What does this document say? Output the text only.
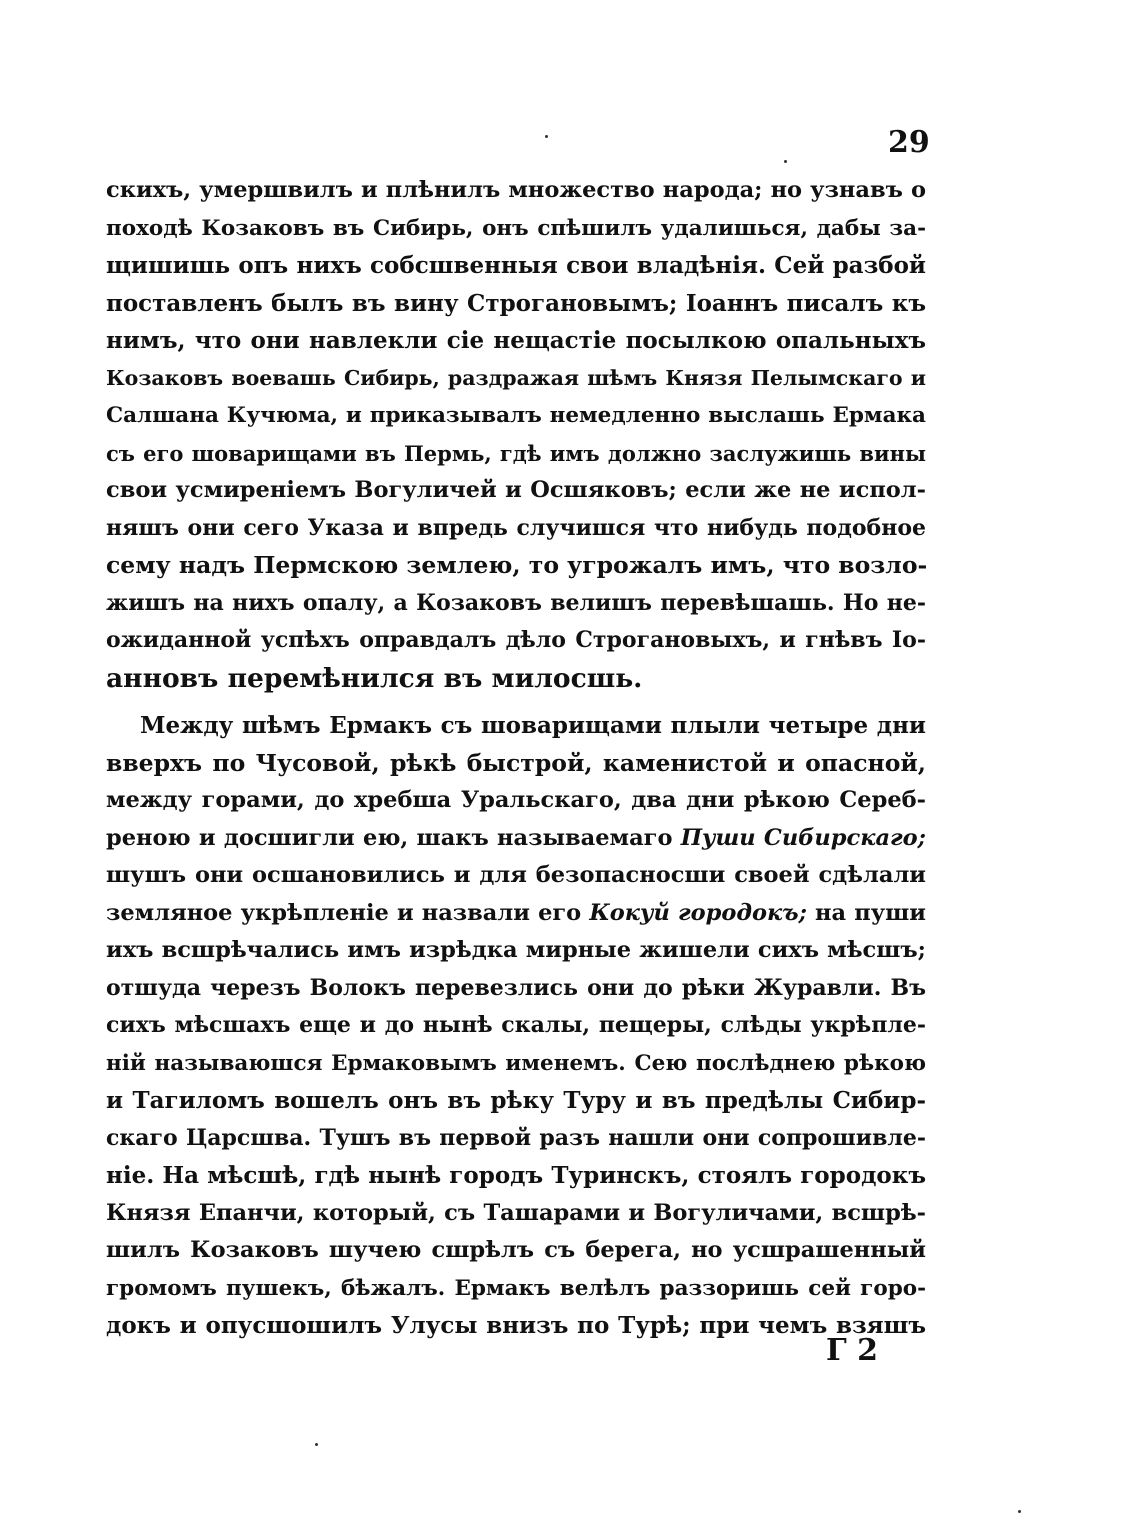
29
скихъ, умершвилъ и плѣнилъ множество народа; но узнавъ о
походѣ Козаковъ въ Сибирь, онъ спѣшилъ удалишься, дабы за-
щишишь опъ нихъ собсшвенныя свои владѣнія. Сей разбой
поставленъ былъ въ вину Строгановымъ; Іоаннъ писалъ къ
нимъ, что они навлекли сіе нещастіе посылкою опальныхъ
Козаковъ воевашь Сибирь, раздражая шѣмъ Князя Пелымскаго и
Салшана Кучюма, и приказывалъ немедленно выслашь Ермака
съ его шоварищами въ Пермь, гдѣ имъ должно заслужишь вины
свои усмиреніемъ Вогуличей и Осшяковъ; если же не испол-
няшъ они сего Указа и впредь случишся что нибудь подобное
сему надъ Пермскою землею, то угрожалъ имъ, что возло-
жишъ на нихъ опалу, а Козаковъ велишъ перевѣшашь. Но не-
ожиданной успѣхъ оправдалъ дѣло Строгановыхъ, и гнѣвъ Іо-
анновъ перемѣнился въ милосшь.
Между шѣмъ Ермакъ съ шоварищами плыли четыре дни
вверхъ по Чусовой, рѣкѣ быстрой, каменистой и опасной,
между горами, до хребша Уральскаго, два дни рѣкою Сереб-
реною и досшигли ею, шакъ называемаго Пуши Сибирскаго;
шушъ они осшановились и для безопасносши своей сдѣлали
земляное укрѣпленіе и назвали его Кокуй городокъ; на пуши
ихъ всшрѣчались имъ изрѣдка мирные жишели сихъ мѣсшъ;
отшуда черезъ Волокъ перевезлись они до рѣки Журавли. Въ
сихъ мѣсшахъ еще и до нынѣ скалы, пещеры, слѣды укрѣпле-
ній называюшся Ермаковымъ именемъ. Сею послѣднею рѣкою
и Тагиломъ вошелъ онъ въ рѣку Туру и въ предѣлы Сибир-
скаго Царсшва. Тушъ въ первой разъ нашли они сопрошивле-
ніе. На мѣсшѣ, гдѣ нынѣ городъ Туринскъ, стоялъ городокъ
Князя Епанчи, который, съ Ташарами и Вогуличами, всшрѣ-
шилъ Козаковъ шучею сшрѣлъ съ берега, но усшрашенный
громомъ пушекъ, бѣжалъ. Ермакъ велѣлъ раззоришь сей горо-
докъ и опусшошилъ Улусы внизъ по Турѣ; при чемъ взяшъ
Г 2
